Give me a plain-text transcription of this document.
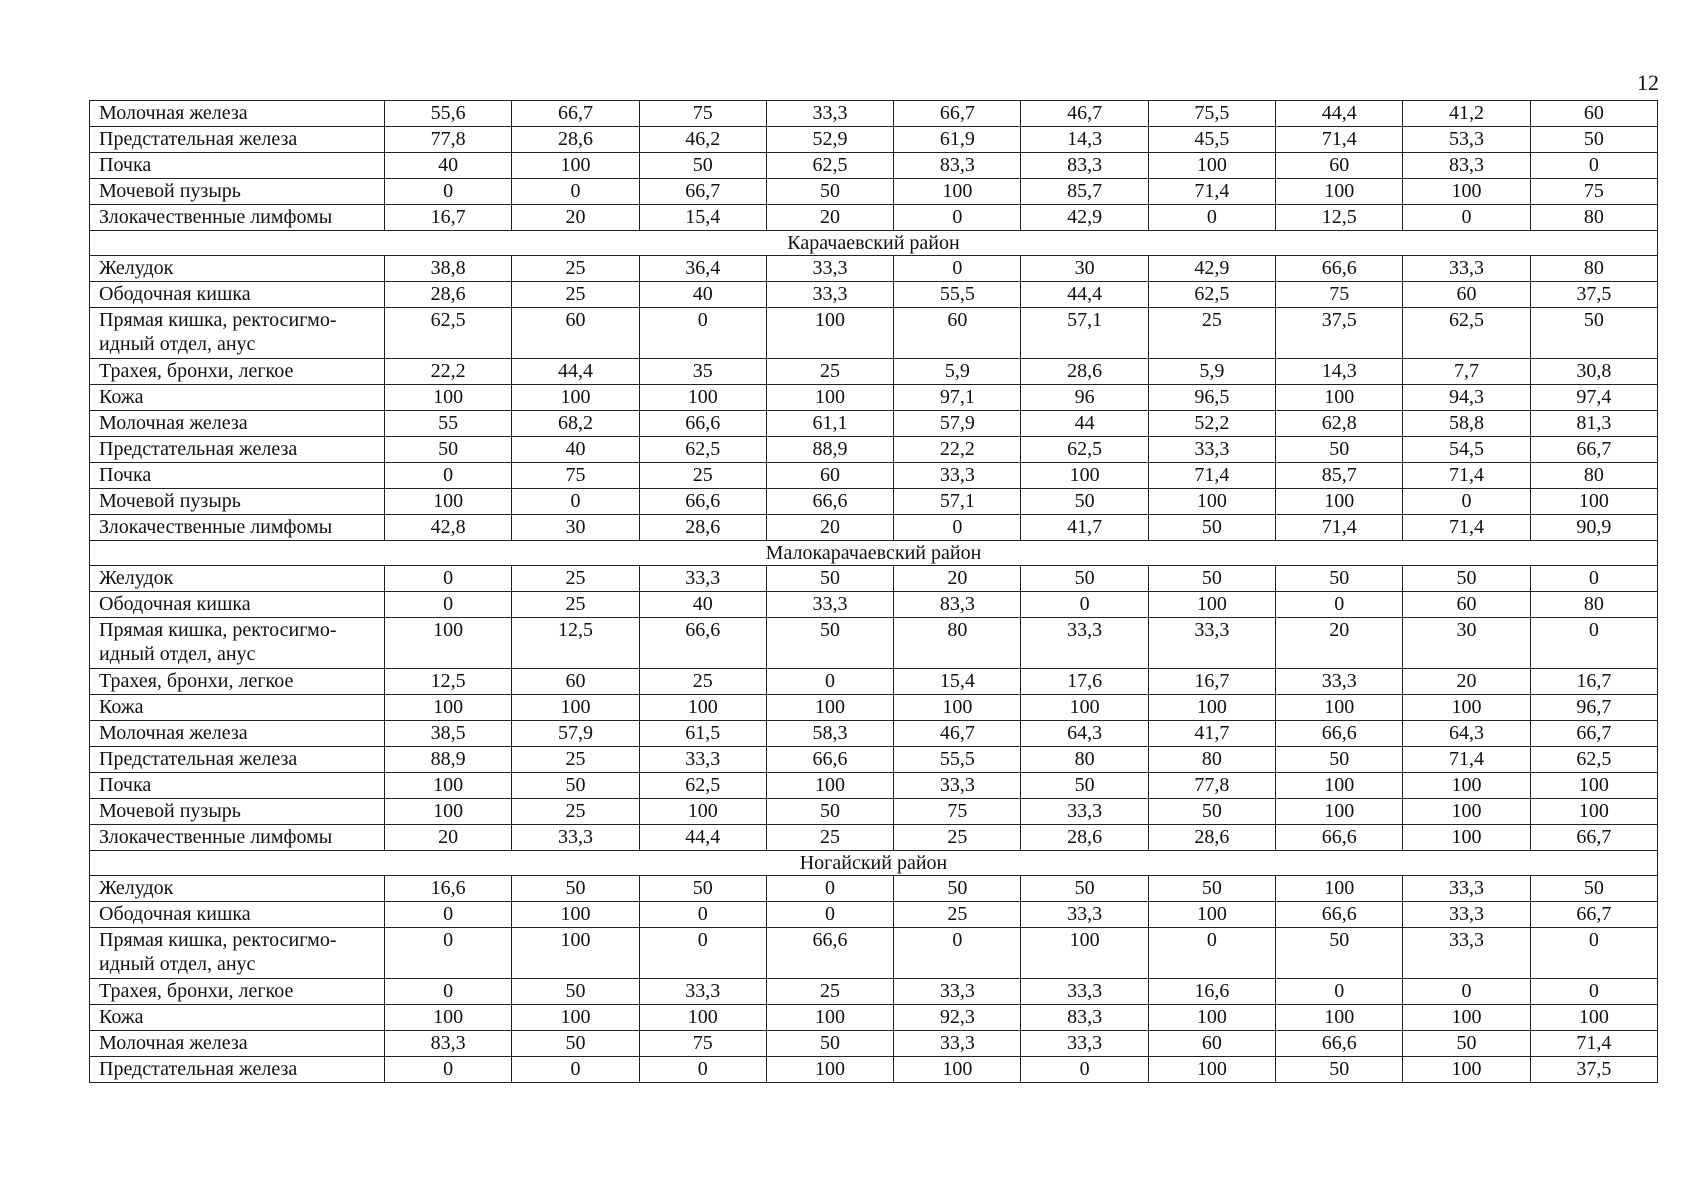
12
Молочная железа	55,6	66,7	75	33,3	66,7	46,7	75,5	44,4	41,2	60
Предстательная железа	77,8	28,6	46,2	52,9	61,9	14,3	45,5	71,4	53,3	50
Почка	40	100	50	62,5	83,3	83,3	100	60	83,3	0
Мочевой пузырь	0	0	66,7	50	100	85,7	71,4	100	100	75
Злокачественные лимфомы	16,7	20	15,4	20	0	42,9	0	12,5	0	80
Карачаевский район										
Желудок	38,8	25	36,4	33,3	0	30	42,9	66,6	33,3	80
Ободочная кишка	28,6	25	40	33,3	55,5	44,4	62,5	75	60	37,5
Прямая кишка, ректосигмо-идный отдел, анус	62,5	60	0	100	60	57,1	25	37,5	62,5	50
Трахея, бронхи, легкое	22,2	44,4	35	25	5,9	28,6	5,9	14,3	7,7	30,8
Кожа	100	100	100	100	97,1	96	96,5	100	94,3	97,4
Молочная железа	55	68,2	66,6	61,1	57,9	44	52,2	62,8	58,8	81,3
Предстательная железа	50	40	62,5	88,9	22,2	62,5	33,3	50	54,5	66,7
Почка	0	75	25	60	33,3	100	71,4	85,7	71,4	80
Мочевой пузырь	100	0	66,6	66,6	57,1	50	100	100	0	100
Злокачественные лимфомы	42,8	30	28,6	20	0	41,7	50	71,4	71,4	90,9
Малокарачаевский район										
Желудок	0	25	33,3	50	20	50	50	50	50	0
Ободочная кишка	0	25	40	33,3	83,3	0	100	0	60	80
Прямая кишка, ректосигмо-идный отдел, анус	100	12,5	66,6	50	80	33,3	33,3	20	30	0
Трахея, бронхи, легкое	12,5	60	25	0	15,4	17,6	16,7	33,3	20	16,7
Кожа	100	100	100	100	100	100	100	100	100	96,7
Молочная железа	38,5	57,9	61,5	58,3	46,7	64,3	41,7	66,6	64,3	66,7
Предстательная железа	88,9	25	33,3	66,6	55,5	80	80	50	71,4	62,5
Почка	100	50	62,5	100	33,3	50	77,8	100	100	100
Мочевой пузырь	100	25	100	50	75	33,3	50	100	100	100
Злокачественные лимфомы	20	33,3	44,4	25	25	28,6	28,6	66,6	100	66,7
Ногайский район										
Желудок	16,6	50	50	0	50	50	50	100	33,3	50
Ободочная кишка	0	100	0	0	25	33,3	100	66,6	33,3	66,7
Прямая кишка, ректосигмо-идный отдел, анус	0	100	0	66,6	0	100	0	50	33,3	0
Трахея, бронхи, легкое	0	50	33,3	25	33,3	33,3	16,6	0	0	0
Кожа	100	100	100	100	92,3	83,3	100	100	100	100
Молочная железа	83,3	50	75	50	33,3	33,3	60	66,6	50	71,4
Предстательная железа	0	0	0	100	100	0	100	50	100	37,5
